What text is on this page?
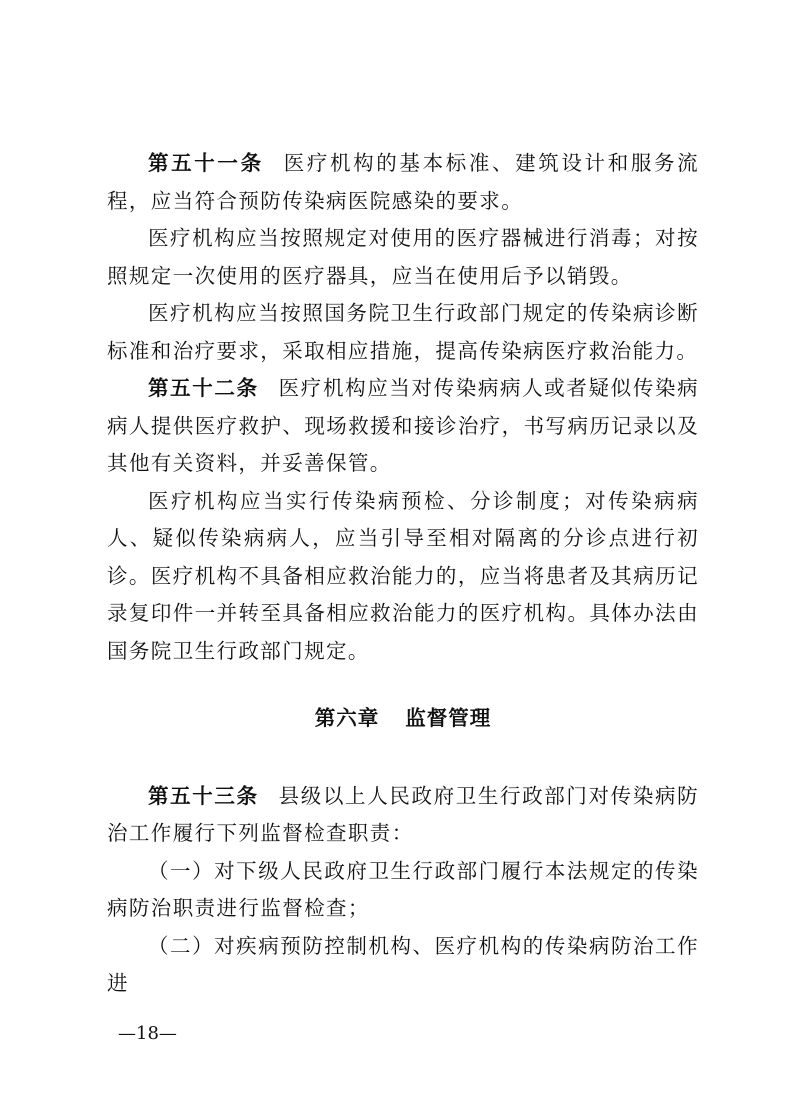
第五十一条 医疗机构的基本标准、建筑设计和服务流程，应当符合预防传染病医院感染的要求。

医疗机构应当按照规定对使用的医疗器械进行消毒；对按照规定一次使用的医疗器具，应当在使用后予以销毁。

医疗机构应当按照国务院卫生行政部门规定的传染病诊断标准和治疗要求，采取相应措施，提高传染病医疗救治能力。

第五十二条 医疗机构应当对传染病病人或者疑似传染病病人提供医疗救护、现场救援和接诊治疗，书写病历记录以及其他有关资料，并妥善保管。

医疗机构应当实行传染病预检、分诊制度；对传染病病人、疑似传染病病人，应当引导至相对隔离的分诊点进行初诊。医疗机构不具备相应救治能力的，应当将患者及其病历记录复印件一并转至具备相应救治能力的医疗机构。具体办法由国务院卫生行政部门规定。

第六章 监督管理

第五十三条 县级以上人民政府卫生行政部门对传染病防治工作履行下列监督检查职责：

（一）对下级人民政府卫生行政部门履行本法规定的传染病防治职责进行监督检查；

（二）对疾病预防控制机构、医疗机构的传染病防治工作进

—18—
